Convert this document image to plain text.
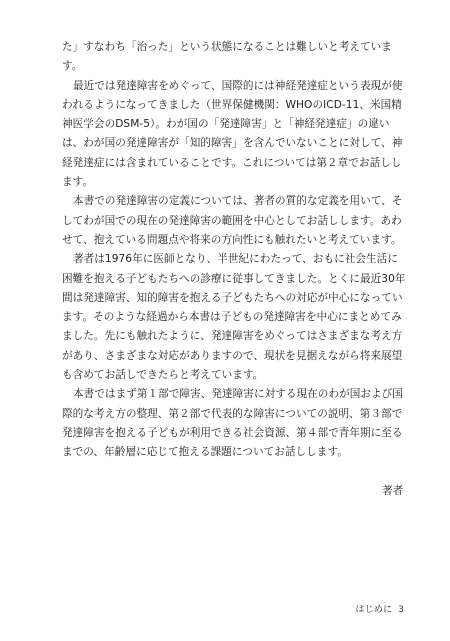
た」すなわち「治った」という状態になることは難しいと考えていま
す。
最近では発達障害をめぐって、国際的には神経発達症という表現が使
われるようになってきました（世界保健機関：WHOのICD-11、米国精
神医学会のDSM-5）。わが国の「発達障害」と「神経発達症」の違い
は、わが国の発達障害が「知的障害」を含んでいないことに対して、神
経発達症には含まれていることです。これについては第２章でお話しし
ます。
本書での発達障害の定義については、著者の質的な定義を用いて、そ
してわが国での現在の発達障害の範囲を中心としてお話しします。あわ
せて、抱えている問題点や将来の方向性にも触れたいと考えています。
著者は1976年に医師となり、半世紀にわたって、おもに社会生活に
困難を抱える子どもたちへの診療に従事してきました。とくに最近30年
間は発達障害、知的障害を抱える子どもたちへの対応が中心になってい
ます。そのような経過から本書は子どもの発達障害を中心にまとめてみ
ました。先にも触れたように、発達障害をめぐってはさまざまな考え方
があり、さまざまな対応がありますので、現状を見据えながら将来展望
も含めてお話しできたらと考えています。
本書ではまず第１部で障害、発達障害に対する現在のわが国および国
際的な考え方の整理、第２部で代表的な障害についての説明、第３部で
発達障害を抱える子どもが利用できる社会資源、第４部で青年期に至る
までの、年齢層に応じて抱える課題についてお話しします。
著者
はじめに 3
